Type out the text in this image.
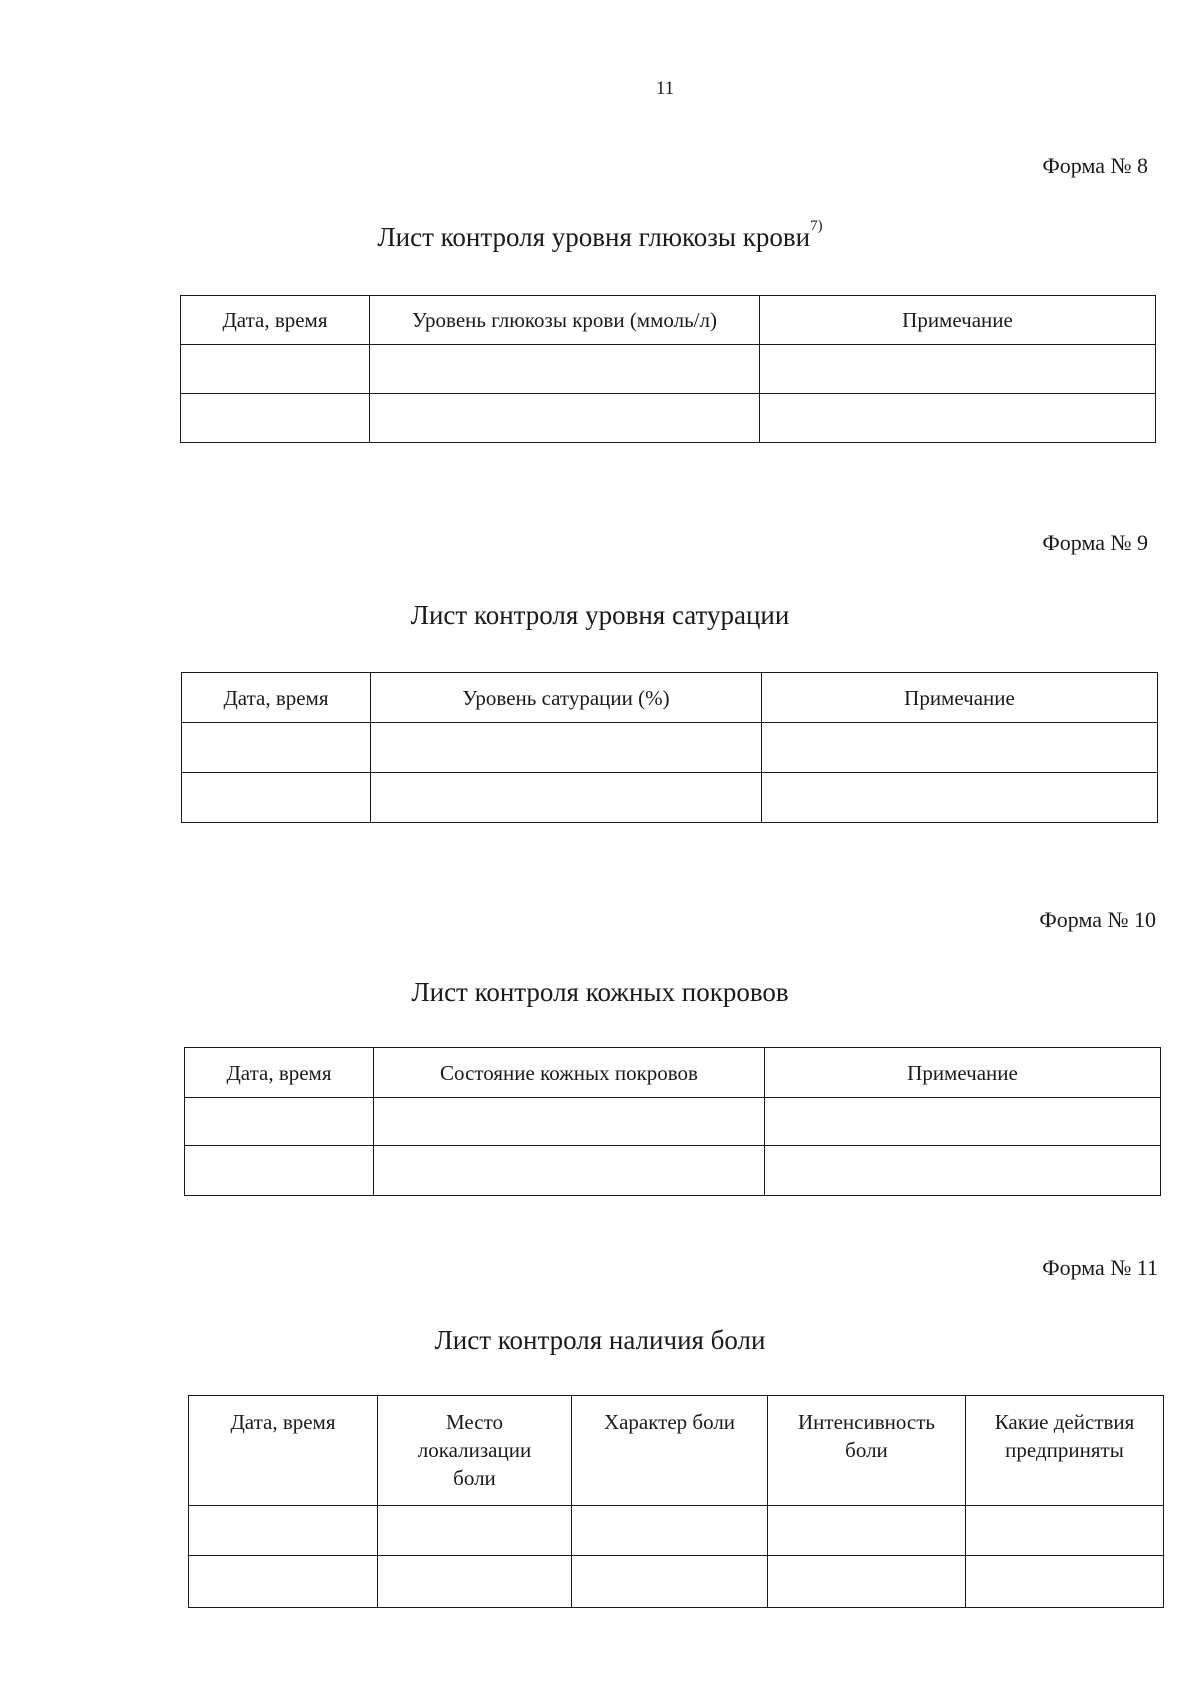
11
Форма № 8
Лист контроля уровня глюкозы крови$^{7)}$
Дата, время	Уровень глюкозы крови (ммоль/л)	Примечание

Форма № 9
Лист контроля уровня сатурации
Дата, время	Уровень сатурации (%)	Примечание

Форма № 10
Лист контроля кожных покровов
Дата, время	Состояние кожных покровов	Примечание

Форма № 11
Лист контроля наличия боли
Дата, время	Место локализации боли	Характер боли	Интенсивность боли	Какие действия предприняты
